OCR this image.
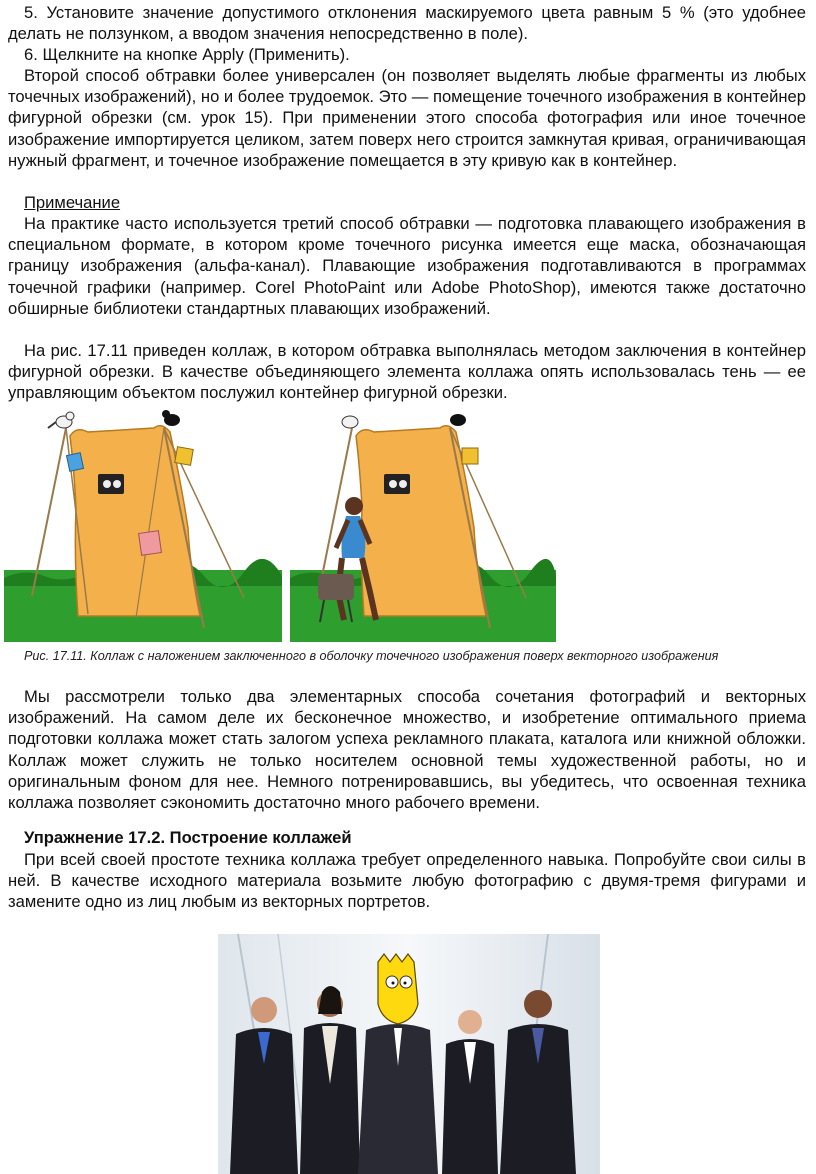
5. Установите значение допустимого отклонения маскируемого цвета равным 5 % (это удобнее делать не ползунком, а вводом значения непосредственно в поле).

6. Щелкните на кнопке Apply (Применить).

Второй способ обтравки более универсален (он позволяет выделять любые фрагменты из любых точечных изображений), но и более трудоемок. Это — помещение точечного изображения в контейнер фигурной обрезки (см. урок 15). При применении этого способа фотография или иное точечное изображение импортируется целиком, затем поверх него строится замкнутая кривая, ограничивающая нужный фрагмент, и точечное изображение помещается в эту кривую как в контейнер.

Примечание

На практике часто используется третий способ обтравки — подготовка плавающего изображения в специальном формате, в котором кроме точечного рисунка имеется еще маска, обозначающая границу изображения (альфа-канал). Плавающие изображения подготавливаются в программах точечной графики (например. Corel PhotoPaint или Adobe PhotoShop), имеются также достаточно обширные библиотеки стандартных плавающих изображений.

На рис. 17.11 приведен коллаж, в котором обтравка выполнялась методом заключения в контейнер фигурной обрезки. В качестве объединяющего элемента коллажа опять использовалась тень — ее управляющим объектом послужил контейнер фигурной обрезки.

Рис. 17.11. Коллаж с наложением заключенного в оболочку точечного изображения поверх векторного изображения

Мы рассмотрели только два элементарных способа сочетания фотографий и векторных изображений. На самом деле их бесконечное множество, и изобретение оптимального приема подготовки коллажа может стать залогом успеха рекламного плаката, каталога или книжной обложки. Коллаж может служить не только носителем основной темы художественной работы, но и оригинальным фоном для нее. Немного потренировавшись, вы убедитесь, что освоенная техника коллажа позволяет сэкономить достаточно много рабочего времени.

Упражнение 17.2. Построение коллажей

При всей своей простоте техника коллажа требует определенного навыка. Попробуйте свои силы в ней. В качестве исходного материала возьмите любую фотографию с двумя-тремя фигурами и замените одно из лиц любым из векторных портретов.
